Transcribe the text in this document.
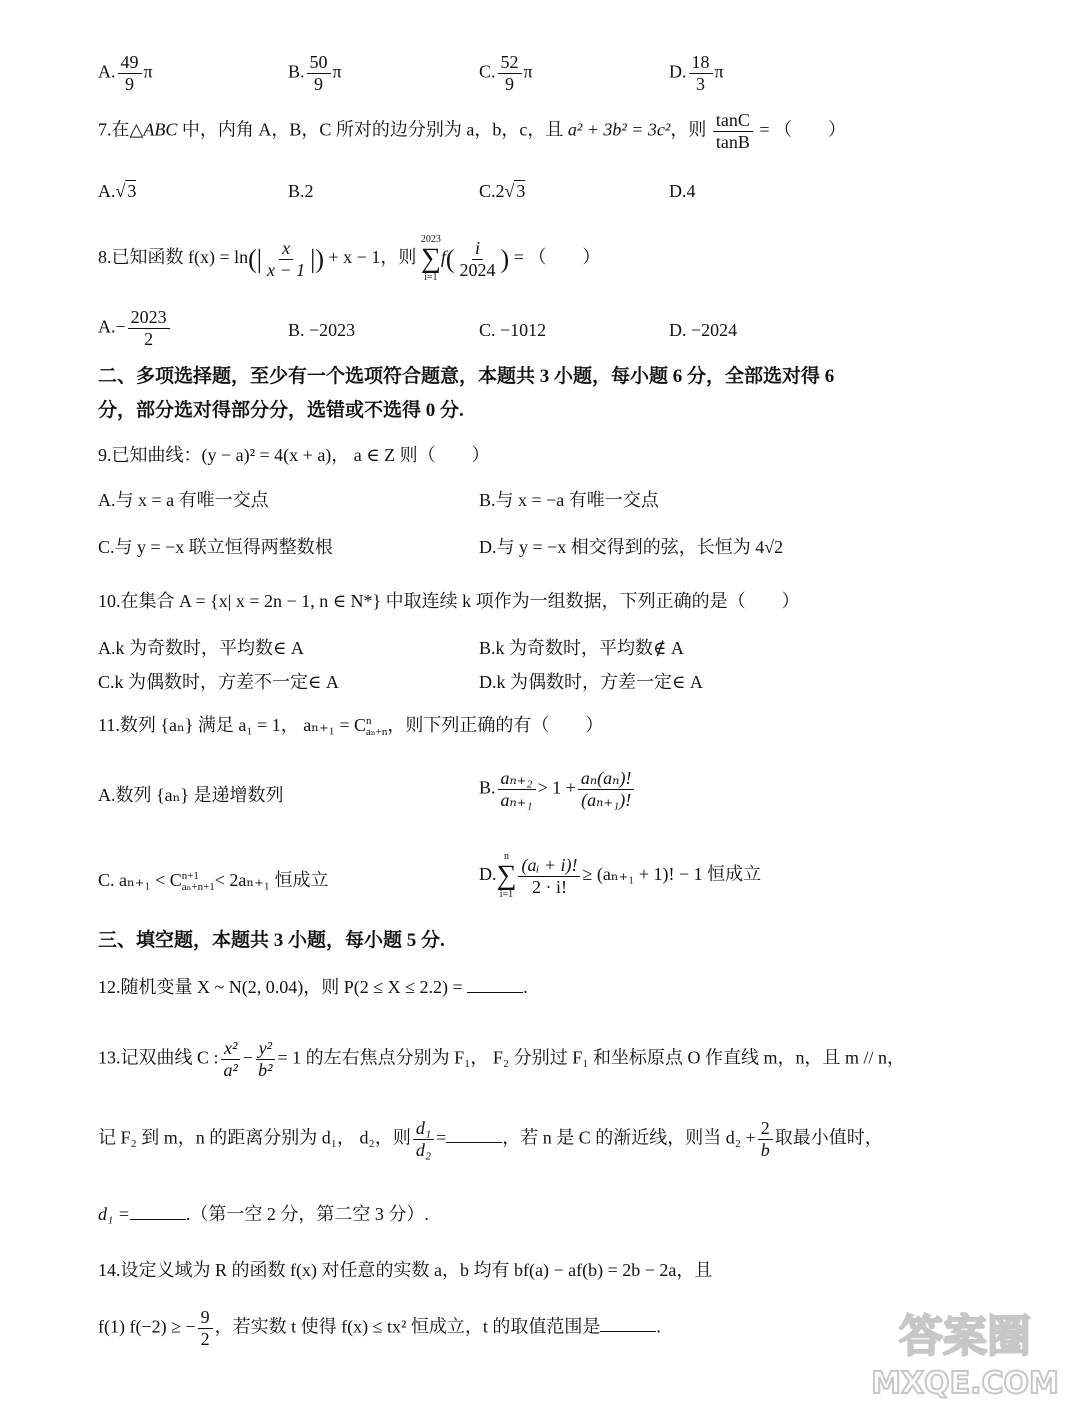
A. $\frac{49}{9}$ π	B. $\frac{50}{9}$ π	C. $\frac{52}{9}$ π	D. $\frac{18}{3}$ π
7.在△ABC 中，内角 A，B，C 所对的边分别为 a，b，c，且 a² + 3b² = 3c²，则 $\frac{\tan C}{\tan B}$ = （　　）
A.√ 3	B.2	C.2√ 3	D.4
8.已知函数 $f(x) = \ln(| \frac{x}{x - 1}$ |) + x − 1，则
2023
∑
i=1
$f( \frac{i}{2024}$ ) = （　　）
$A.- \frac{2023}{2}$	B. −2023	C. −1012	D. −2024
二、多项选择题，至少有一个选项符合题意，本题共 3 小题，每小题 6 分，全部选对得 6
分，部分选对得部分分，选错或不选得 0 分.
9.已知曲线：(y − a)² = 4(x + a)， a ∈ Z 则（　　）
A.与 x = a 有唯一交点	B.与 x = −a 有唯一交点
C.与 y = −x 联立恒得两整数根	D.与 y = −x 相交得到的弦，长恒为 4√2
10.在集合 A = {x| x = 2n − 1, n ∈ N*} 中取连续 k 项作为一组数据，下列正确的是（　　）
A.k 为奇数时，平均数∈ A	B.k 为奇数时，平均数∉ A
C.k 为偶数时，方差不一定∈ A	D.k 为偶数时，方差一定∈ A
11.数列 {aₙ} 满足 a₁ = 1， aₙ₊₁ = C n
aₙ+n ，则下列正确的有（　　）
A.数列 {aₙ} 是递增数列	B. $\frac{\text{aₙ₊₂}}{\text{aₙ₊₁}} > 1 + \frac{\text{aₙ(aₙ)!}}{\text{(aₙ₊₁)!}}$
C. aₙ₊₁ < C n+1
aₙ+n+1 < 2aₙ₊₁ 恒成立	D.
n
∑
$i=1 \frac{\text{(aᵢ + i)!}}{2 \cdot i!} \ge (a_{n+1} + 1)$! − 1 恒成立
三、填空题，本题共 3 小题，每小题 5 分.
12.随机变量 X ~ N(2, 0.04)，则 P(2 ≤ X ≤ 2.2) =	.
13.记双曲线 C : $\frac{\text{x²}}{\text{a²}} - \frac{\text{y²}}{\text{b²}} = 1$ 的左右焦点分别为 F₁， F₂ 分别过 F₁ 和坐标原点 O 作直线 m，n，且 m // n，
记 F₂ 到 m，n 的距离分别为 d₁， d₂，则 $\frac{\text{d₁}}{\text{d₂}}$ =	，若 n 是 C 的渐近线，则当 $d_2 + \frac{2}{b}$ 取最小值时，
d₁ =	.（第一空 2 分，第二空 3 分）.
14.设定义域为 R 的函数 f(x) 对任意的实数 a，b 均有 bf(a) − af(b) = 2b − 2a，且
f(1) f(−2) ≥ − $\frac{9}{2}$ ，若实数 t 使得 f(x) ≤ tx² 恒成立，t 的取值范围是	.	答案圈
MXQE.COM
